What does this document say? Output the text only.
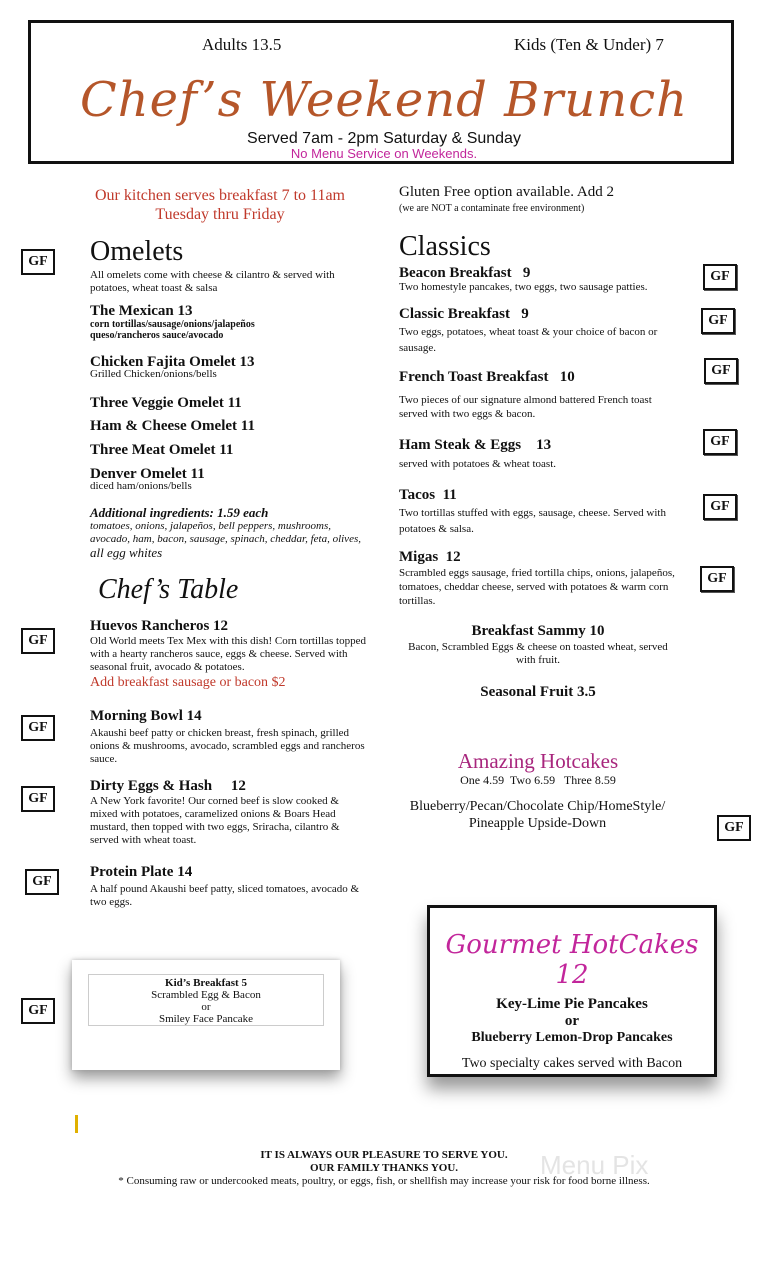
Adults 13.5	Kids (Ten & Under) 7
Chef’s Weekend Brunch
Served 7am - 2pm Saturday & Sunday
No Menu Service on Weekends.
Our kitchen serves breakfast 7 to 11am
Tuesday thru Friday
GF Omelets
All omelets come with cheese & cilantro & served with potatoes, wheat toast & salsa
The Mexican 13
corn tortillas/sausage/onions/jalapeños queso/rancheros sauce/avocado
Chicken Fajita Omelet 13
Grilled Chicken/onions/bells
Three Veggie Omelet 11
Ham & Cheese Omelet 11
Three Meat Omelet 11
Denver Omelet 11
diced ham/onions/bells
Additional ingredients: 1.59 each
tomatoes, onions, jalapeños, bell peppers, mushrooms, avocado, ham, bacon, sausage, spinach, cheddar, feta, olives, all egg whites
Chef’s Table
GF
Huevos Rancheros 12
Old World meets Tex Mex with this dish! Corn tortillas topped with a hearty rancheros sauce, eggs & cheese. Served with seasonal fruit, avocado & potatoes.
Add breakfast sausage or bacon $2
GF
Morning Bowl 14
Akaushi beef patty or chicken breast, fresh spinach, grilled onions & mushrooms, avocado, scrambled eggs and rancheros sauce.
GF
Dirty Eggs & Hash     12
A New York favorite! Our corned beef is slow cooked & mixed with potatoes, caramelized onions & Boars Head mustard, then topped with two eggs, Sriracha, cilantro & served with wheat toast.
GF
Protein Plate 14
A half pound Akaushi beef patty, sliced tomatoes, avocado & two eggs.
Kid’s Breakfast 5
Scrambled Egg & Bacon
or
Smiley Face Pancake
GF
Gluten Free option available. Add 2
(we are NOT a contaminate free environment)
Classics
Beacon Breakfast   9
Two homestyle pancakes, two eggs, two sausage patties.
GF
Classic Breakfast   9
Two eggs, potatoes, wheat toast & your choice of bacon or sausage.
GF
French Toast Breakfast   10
Two pieces of our signature almond battered French toast served with two eggs & bacon.
GF
Ham Steak & Eggs    13
served with potatoes & wheat toast.
GF
Tacos  11
Two tortillas stuffed with eggs, sausage, cheese. Served with potatoes & salsa.
GF
Migas  12
Scrambled eggs sausage, fried tortilla chips, onions, jalapeños, tomatoes, cheddar cheese, served with potatoes & warm corn tortillas.
GF
Breakfast Sammy 10
Bacon, Scrambled Eggs & cheese on toasted wheat, served with fruit.
Seasonal Fruit 3.5
Amazing Hotcakes
One 4.59  Two 6.59   Three 8.59
Blueberry/Pecan/Chocolate Chip/HomeStyle/
Pineapple Upside-Down	GF
Gourmet HotCakes 12
Key-Lime Pie Pancakes
or
Blueberry Lemon-Drop Pancakes
Two specialty cakes served with Bacon
IT IS ALWAYS OUR PLEASURE TO SERVE YOU.
OUR FAMILY THANKS YOU.
* Consuming raw or undercooked meats, poultry, or eggs, fish, or shellfish may increase your risk for food borne illness.
Menu Pix
